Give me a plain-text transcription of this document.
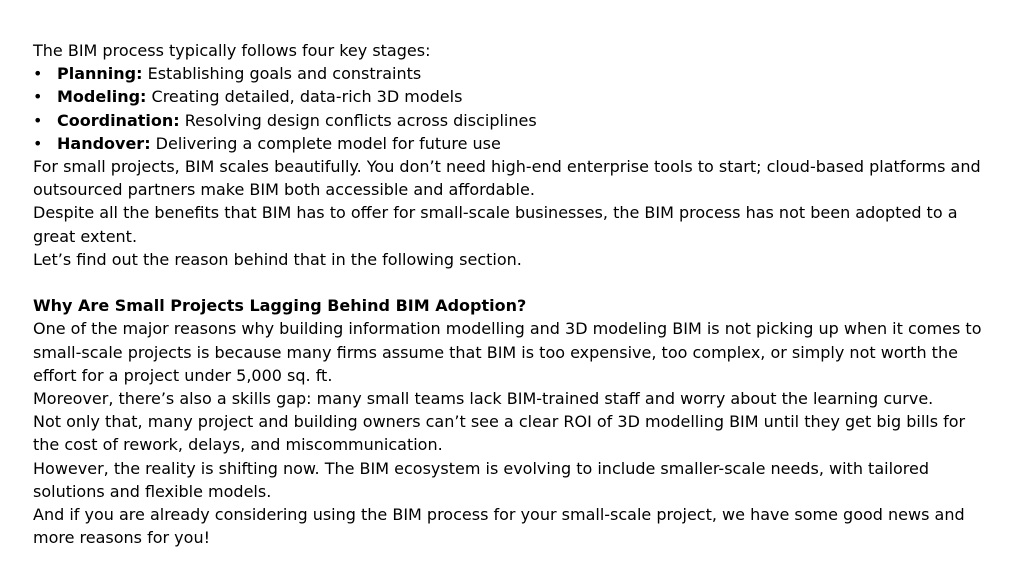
The BIM process typically follows four key stages:

• Planning: Establishing goals and constraints
• Modeling: Creating detailed, data-rich 3D models
• Coordination: Resolving design conflicts across disciplines
• Handover: Delivering a complete model for future use

For small projects, BIM scales beautifully. You don’t need high-end enterprise tools to start; cloud-based platforms and outsourced partners make BIM both accessible and affordable.

Despite all the benefits that BIM has to offer for small-scale businesses, the BIM process has not been adopted to a great extent.

Let’s find out the reason behind that in the following section.

Why Are Small Projects Lagging Behind BIM Adoption?

One of the major reasons why building information modelling and 3D modeling BIM is not picking up when it comes to small-scale projects is because many firms assume that BIM is too expensive, too complex, or simply not worth the effort for a project under 5,000 sq. ft.

Moreover, there’s also a skills gap: many small teams lack BIM-trained staff and worry about the learning curve.

Not only that, many project and building owners can’t see a clear ROI of 3D modelling BIM until they get big bills for the cost of rework, delays, and miscommunication.

However, the reality is shifting now. The BIM ecosystem is evolving to include smaller-scale needs, with tailored solutions and flexible models.

And if you are already considering using the BIM process for your small-scale project, we have some good news and more reasons for you!
